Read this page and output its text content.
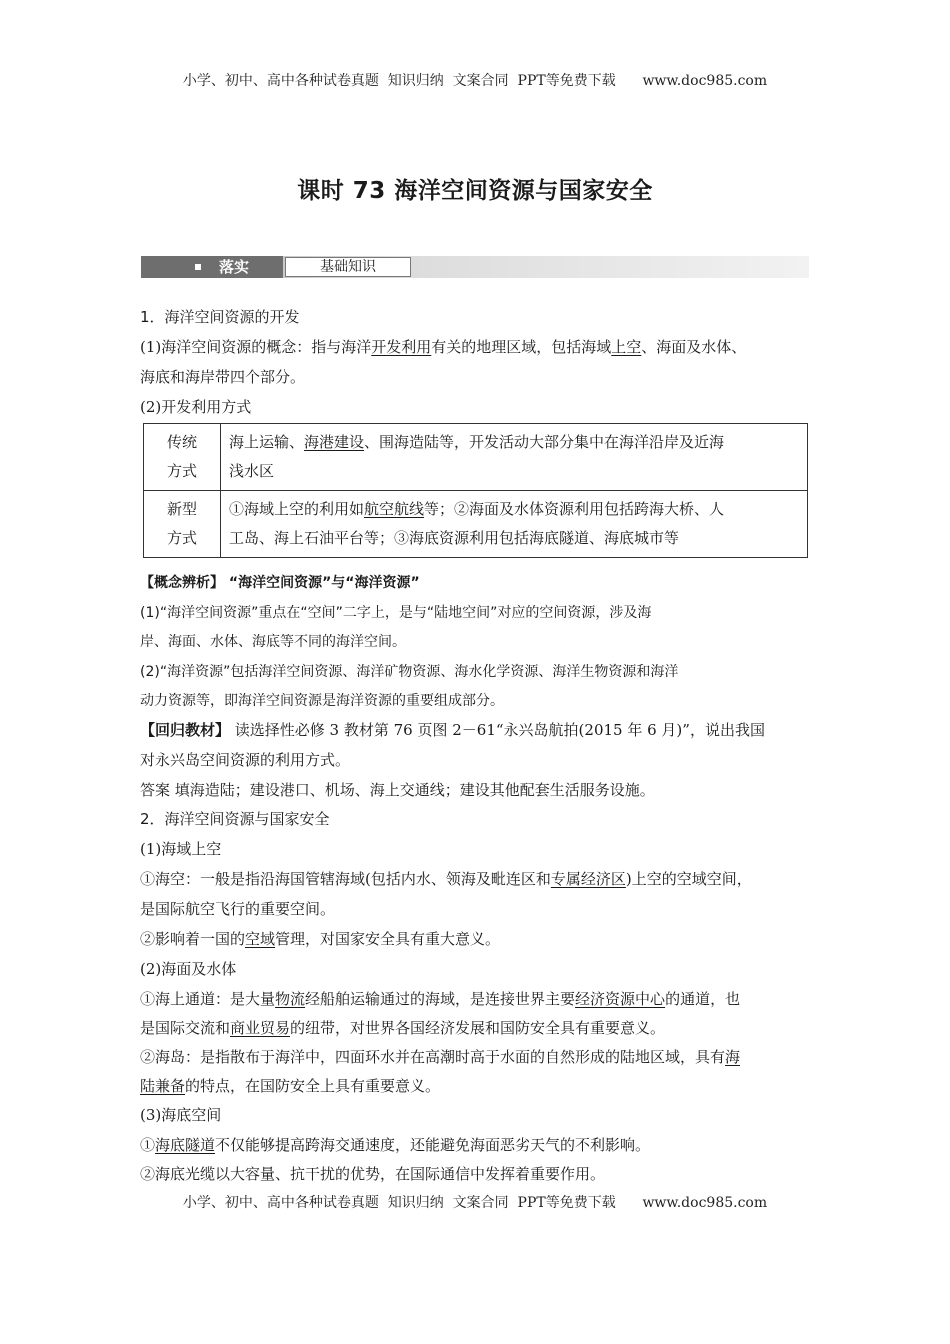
小学、初中、高中各种试卷真题  知识归纳  文案合同  PPT等免费下载      www.doc985.com
课时 73 海洋空间资源与国家安全
落实	基础知识
1．海洋空间资源的开发
(1)海洋空间资源的概念：指与海洋开发利用有关的地理区域，包括海域上空、海面及水体、
海底和海岸带四个部分。
(2)开发利用方式
传统
方式	海上运输、海港建设、围海造陆等，开发活动大部分集中在海洋沿岸及近海
浅水区
新型
方式	①海域上空的利用如航空航线等；②海面及水体资源利用包括跨海大桥、人
工岛、海上石油平台等；③海底资源利用包括海底隧道、海底城市等
【概念辨析】 “海洋空间资源”与“海洋资源”
(1)“海洋空间资源”重点在“空间”二字上，是与“陆地空间”对应的空间资源，涉及海
岸、海面、水体、海底等不同的海洋空间。
(2)“海洋资源”包括海洋空间资源、海洋矿物资源、海水化学资源、海洋生物资源和海洋
动力资源等，即海洋空间资源是海洋资源的重要组成部分。
【回归教材】 读选择性必修 3 教材第 76 页图 2－61“永兴岛航拍(2015 年 6 月)”，说出我国
对永兴岛空间资源的利用方式。
答案 填海造陆；建设港口、机场、海上交通线；建设其他配套生活服务设施。
2．海洋空间资源与国家安全
(1)海域上空
①海空：一般是指沿海国管辖海域(包括内水、领海及毗连区和专属经济区)上空的空域空间，
是国际航空飞行的重要空间。
②影响着一国的空域管理，对国家安全具有重大意义。
(2)海面及水体
①海上通道：是大量物流经船舶运输通过的海域，是连接世界主要经济资源中心的通道，也
是国际交流和商业贸易的纽带，对世界各国经济发展和国防安全具有重要意义。
②海岛：是指散布于海洋中，四面环水并在高潮时高于水面的自然形成的陆地区域，具有海
陆兼备的特点，在国防安全上具有重要意义。
(3)海底空间
①海底隧道不仅能够提高跨海交通速度，还能避免海面恶劣天气的不利影响。
②海底光缆以大容量、抗干扰的优势，在国际通信中发挥着重要作用。
小学、初中、高中各种试卷真题  知识归纳  文案合同  PPT等免费下载      www.doc985.com
